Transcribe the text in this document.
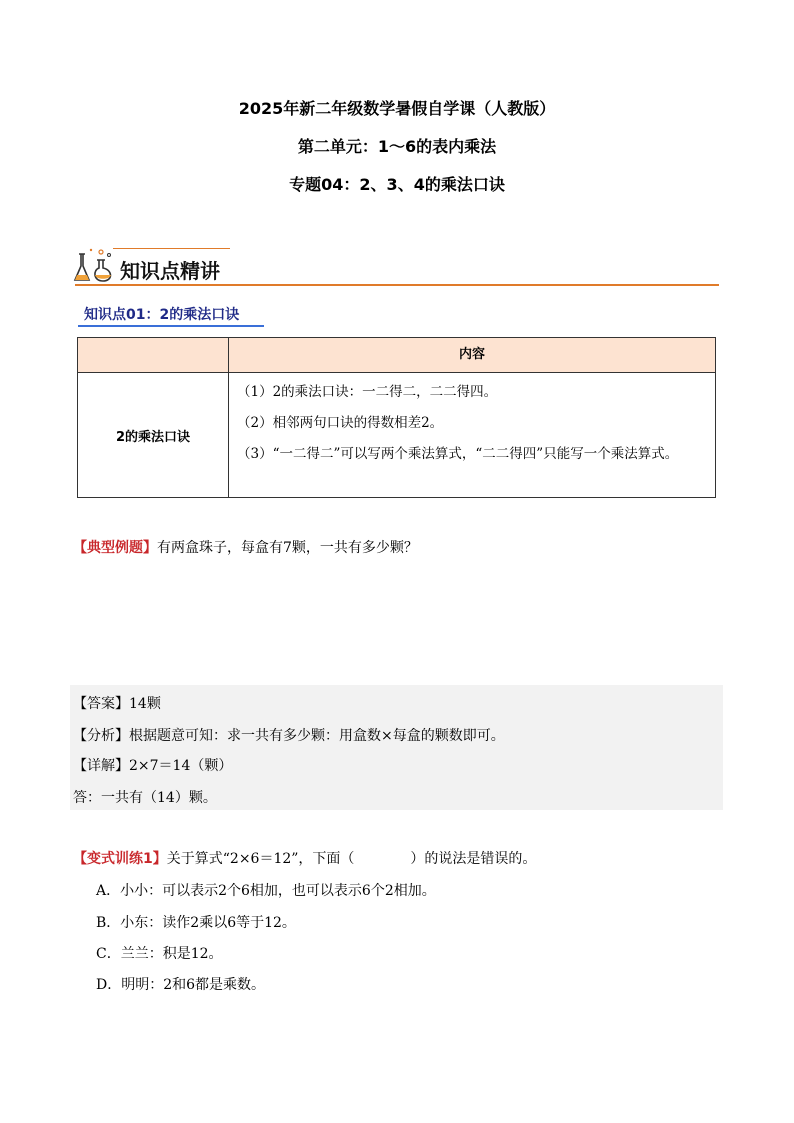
2025年新二年级数学暑假自学课（人教版）
第二单元：1～6的表内乘法
专题04：2、3、4的乘法口诀
知识点精讲
知识点01：2的乘法口诀
内容
2的乘法口诀

（1）2的乘法口诀：一二得二，二二得四。

（2）相邻两句口诀的得数相差2。

（3）“一二得二”可以写两个乘法算式，“二二得四”只能写一个乘法算式。

【典型例题】有两盒珠子，每盒有7颗，一共有多少颗？

【答案】14颗

【分析】根据题意可知：求一共有多少颗：用盒数×每盒的颗数即可。

【详解】2×7＝14（颗）

答：一共有（14）颗。

【变式训练1】关于算式“2×6＝12”，下面（　　　　）的说法是错误的。
A．小小：可以表示2个6相加，也可以表示6个2相加。
B．小东：读作2乘以6等于12。
C．兰兰：积是12。
D．明明：2和6都是乘数。
